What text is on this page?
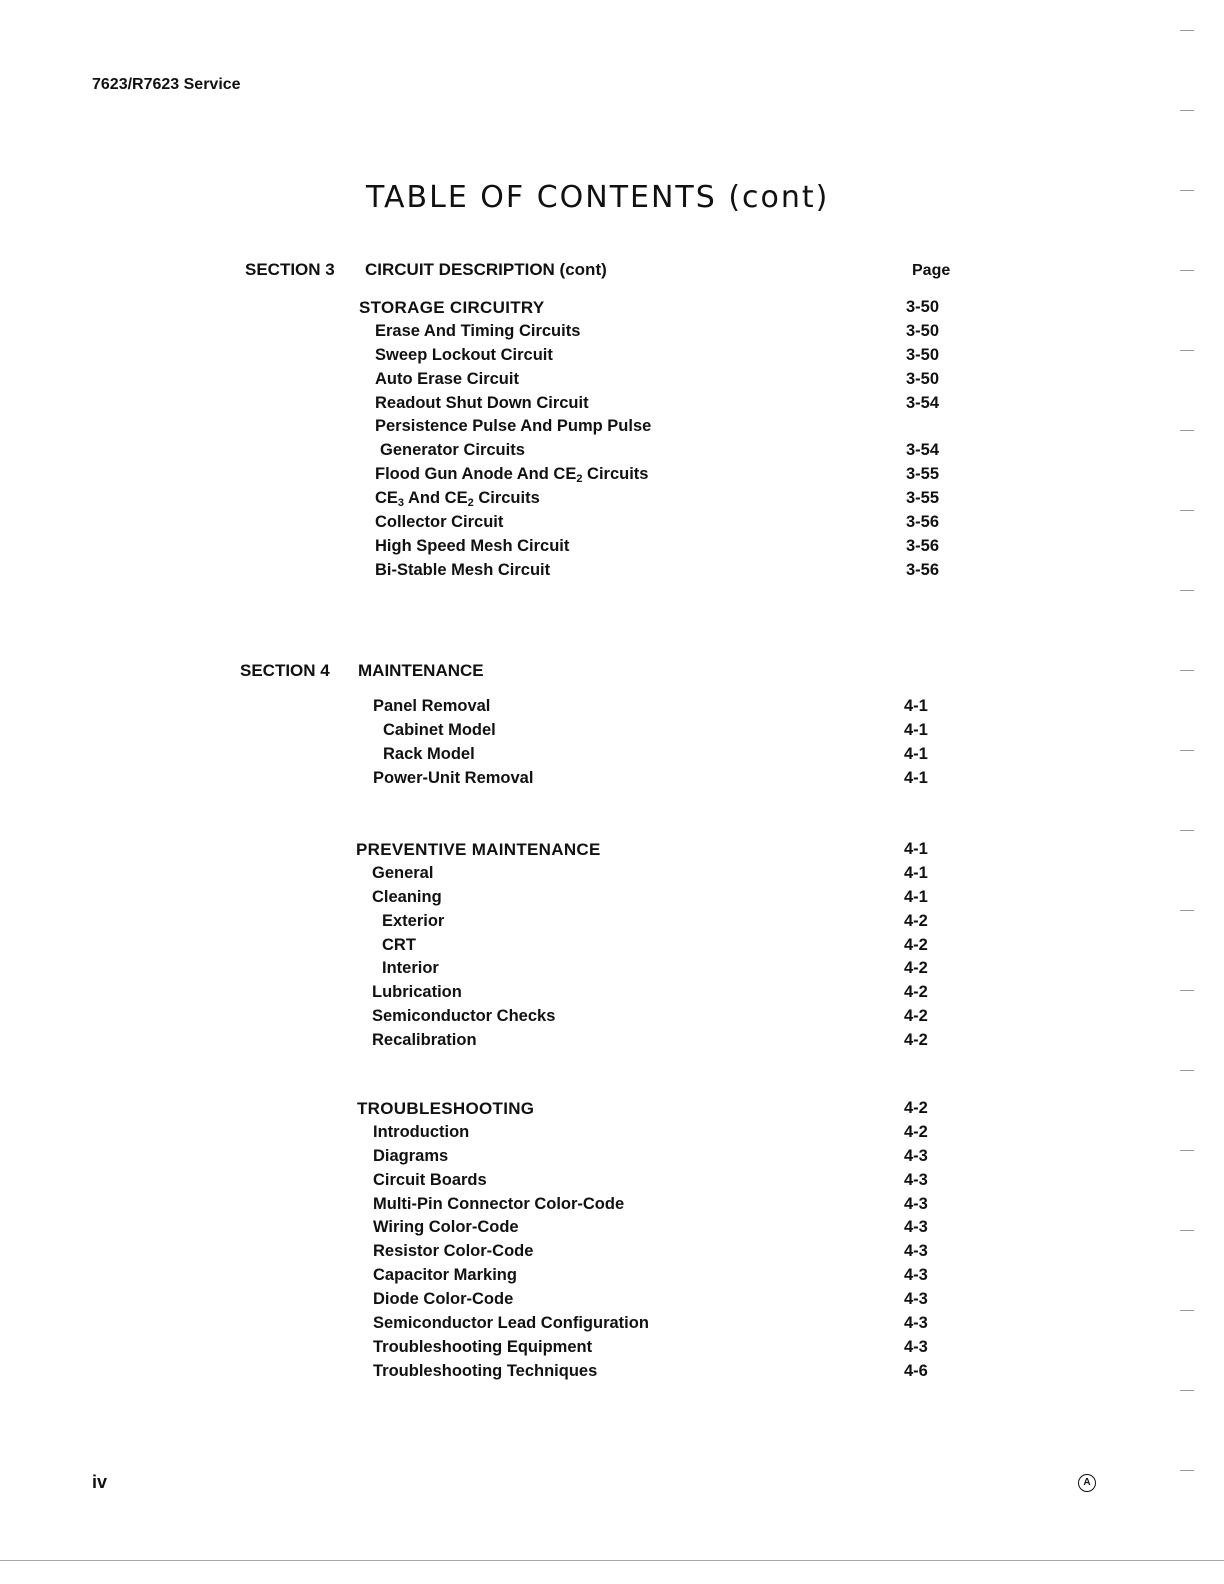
7623/R7623 Service
TABLE OF CONTENTS (cont)
SECTION 3 CIRCUIT DESCRIPTION (cont)	Page
STORAGE CIRCUITRY	3-50
Erase And Timing Circuits	3-50
Sweep Lockout Circuit	3-50
Auto Erase Circuit	3-50
Readout Shut Down Circuit	3-54
Persistence Pulse And Pump Pulse
Generator Circuits	3-54
Flood Gun Anode And $CE_2$ Circuits	3-55
$CE_3$ And $CE_2$ Circuits	3-55
Collector Circuit	3-56
High Speed Mesh Circuit	3-56
Bi-Stable Mesh Circuit	3-56
SECTION 4 MAINTENANCE
Panel Removal	4-1
Cabinet Model	4-1
Rack Model	4-1
Power-Unit Removal	4-1
PREVENTIVE MAINTENANCE	4-1
General	4-1
Cleaning	4-1
Exterior	4-2
CRT	4-2
Interior	4-2
Lubrication	4-2
Semiconductor Checks	4-2
Recalibration	4-2
TROUBLESHOOTING	4-2
Introduction	4-2
Diagrams	4-3
Circuit Boards	4-3
Multi-Pin Connector Color-Code	4-3
Wiring Color-Code	4-3
Resistor Color-Code	4-3
Capacitor Marking	4-3
Diode Color-Code	4-3
Semiconductor Lead Configuration	4-3
Troubleshooting Equipment	4-3
Troubleshooting Techniques	4-6
iv	A
